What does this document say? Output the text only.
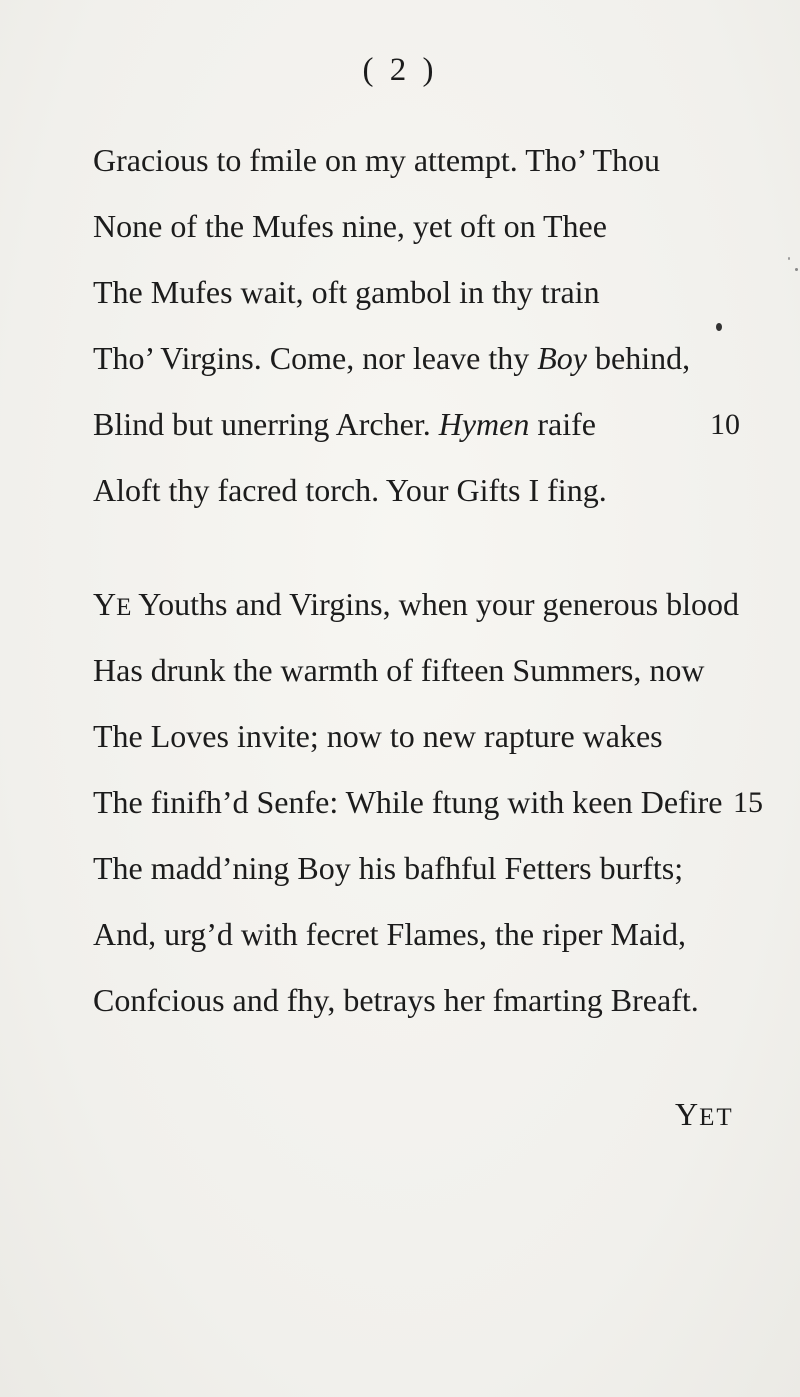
( 2 )
Gracious to fmile on my attempt. Tho’ Thou
None of the Mufes nine, yet oft on Thee
The Mufes wait, oft gambol in thy train
Tho’ Virgins. Come, nor leave thy Boy behind,
Blind but unerring Archer. Hymen raife	10
Aloft thy facred torch. Your Gifts I fing.
YE Youths and Virgins, when your generous blood
Has drunk the warmth of fifteen Summers, now
The Loves invite; now to new rapture wakes
The finifh’d Senfe: While ftung with keen Defire 15
The madd’ning Boy his bafhful Fetters burfts;
And, urg’d with fecret Flames, the riper Maid,
Confcious and fhy, betrays her fmarting Breaft.
YET
